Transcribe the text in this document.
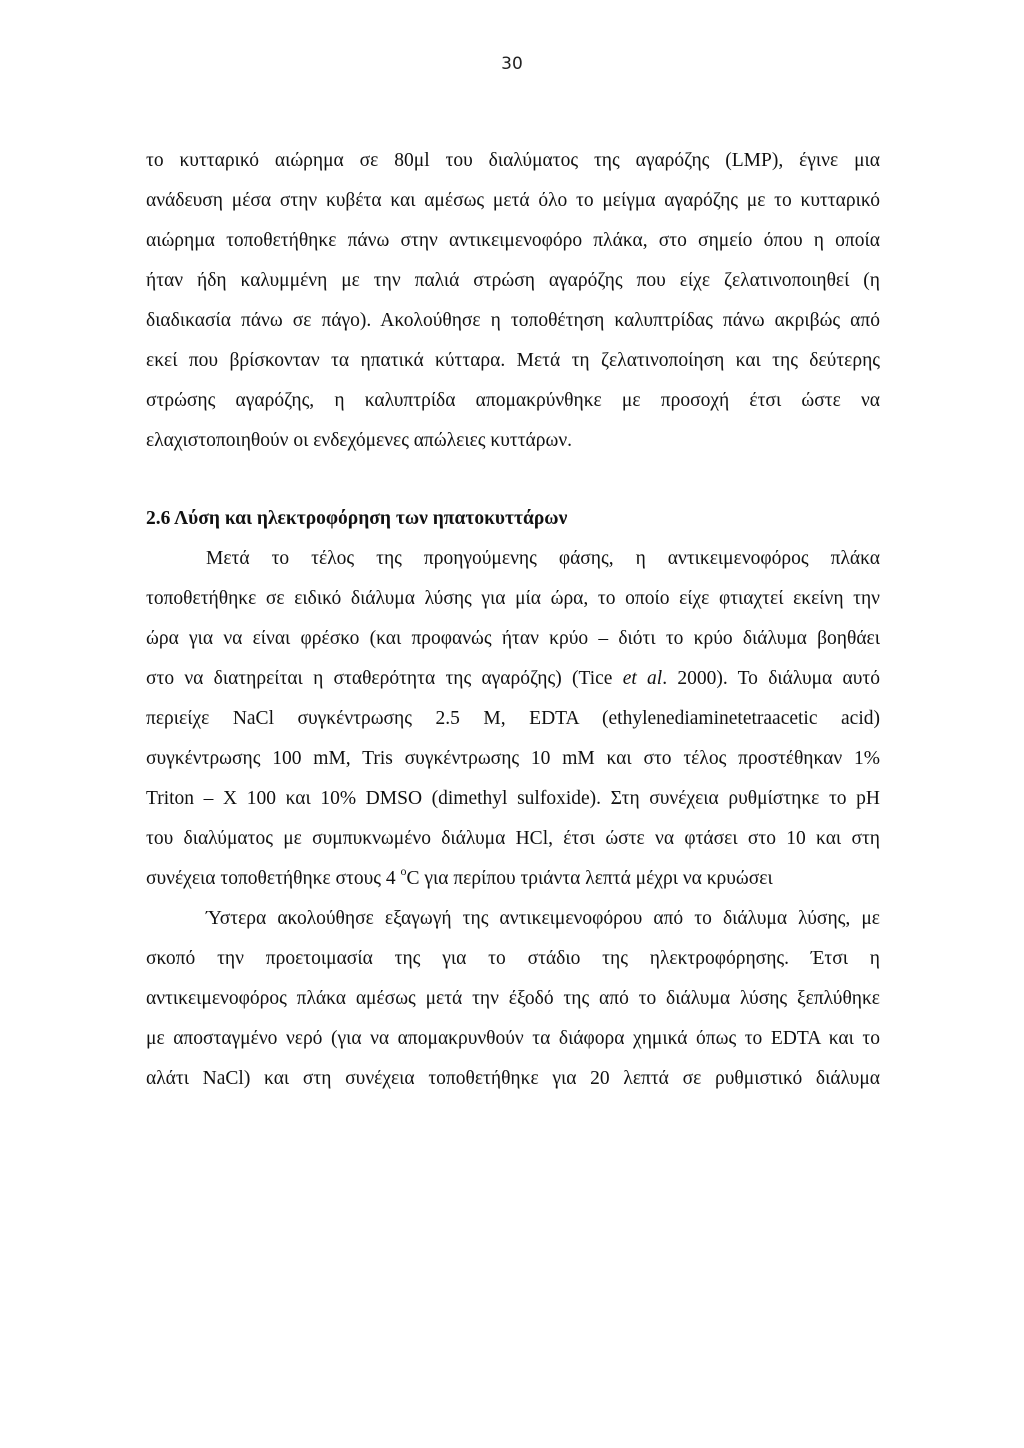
30
το κυτταρικό αιώρημα σε 80μl του διαλύματος της αγαρόζης (LMP), έγινε μια
ανάδευση μέσα στην κυβέτα και αμέσως μετά όλο το μείγμα αγαρόζης με το κυτταρικό
αιώρημα τοποθετήθηκε πάνω στην αντικειμενοφόρο πλάκα, στο σημείο όπου η οποία
ήταν ήδη καλυμμένη με την παλιά στρώση αγαρόζης που είχε ζελατινοποιηθεί (η
διαδικασία πάνω σε πάγο). Ακολούθησε η τοποθέτηση καλυπτρίδας πάνω ακριβώς από
εκεί που βρίσκονταν τα ηπατικά κύτταρα. Μετά τη ζελατινοποίηση και της δεύτερης
στρώσης αγαρόζης, η καλυπτρίδα απομακρύνθηκε με προσοχή έτσι ώστε να
ελαχιστοποιηθούν οι ενδεχόμενες απώλειες κυττάρων.
2.6 Λύση και ηλεκτροφόρηση των ηπατοκυττάρων
Μετά το τέλος της προηγούμενης φάσης, η αντικειμενοφόρος πλάκα
τοποθετήθηκε σε ειδικό διάλυμα λύσης για μία ώρα, το οποίο είχε φτιαχτεί εκείνη την
ώρα για να είναι φρέσκο (και προφανώς ήταν κρύο – διότι το κρύο διάλυμα βοηθάει
στο να διατηρείται η σταθερότητα της αγαρόζης) (Tice et al. 2000). Το διάλυμα αυτό
περιείχε NaCl συγκέντρωσης 2.5 M, EDTA (ethylenediaminetetraacetic acid)
συγκέντρωσης 100 mM, Tris συγκέντρωσης 10 mM και στο τέλος προστέθηκαν 1%
Triton – X 100 και 10% DMSO (dimethyl sulfoxide). Στη συνέχεια ρυθμίστηκε το pH
του διαλύματος με συμπυκνωμένο διάλυμα HCl, έτσι ώστε να φτάσει στο 10 και στη
συνέχεια τοποθετήθηκε στους 4 $^o$C για περίπου τριάντα λεπτά μέχρι να κρυώσει
Ύστερα ακολούθησε εξαγωγή της αντικειμενοφόρου από το διάλυμα λύσης, με
σκοπό την προετοιμασία της για το στάδιο της ηλεκτροφόρησης. Έτσι η
αντικειμενοφόρος πλάκα αμέσως μετά την έξοδό της από το διάλυμα λύσης ξεπλύθηκε
με αποσταγμένο νερό (για να απομακρυνθούν τα διάφορα χημικά όπως το EDTA και το
αλάτι NaCl) και στη συνέχεια τοποθετήθηκε για 20 λεπτά σε ρυθμιστικό διάλυμα
